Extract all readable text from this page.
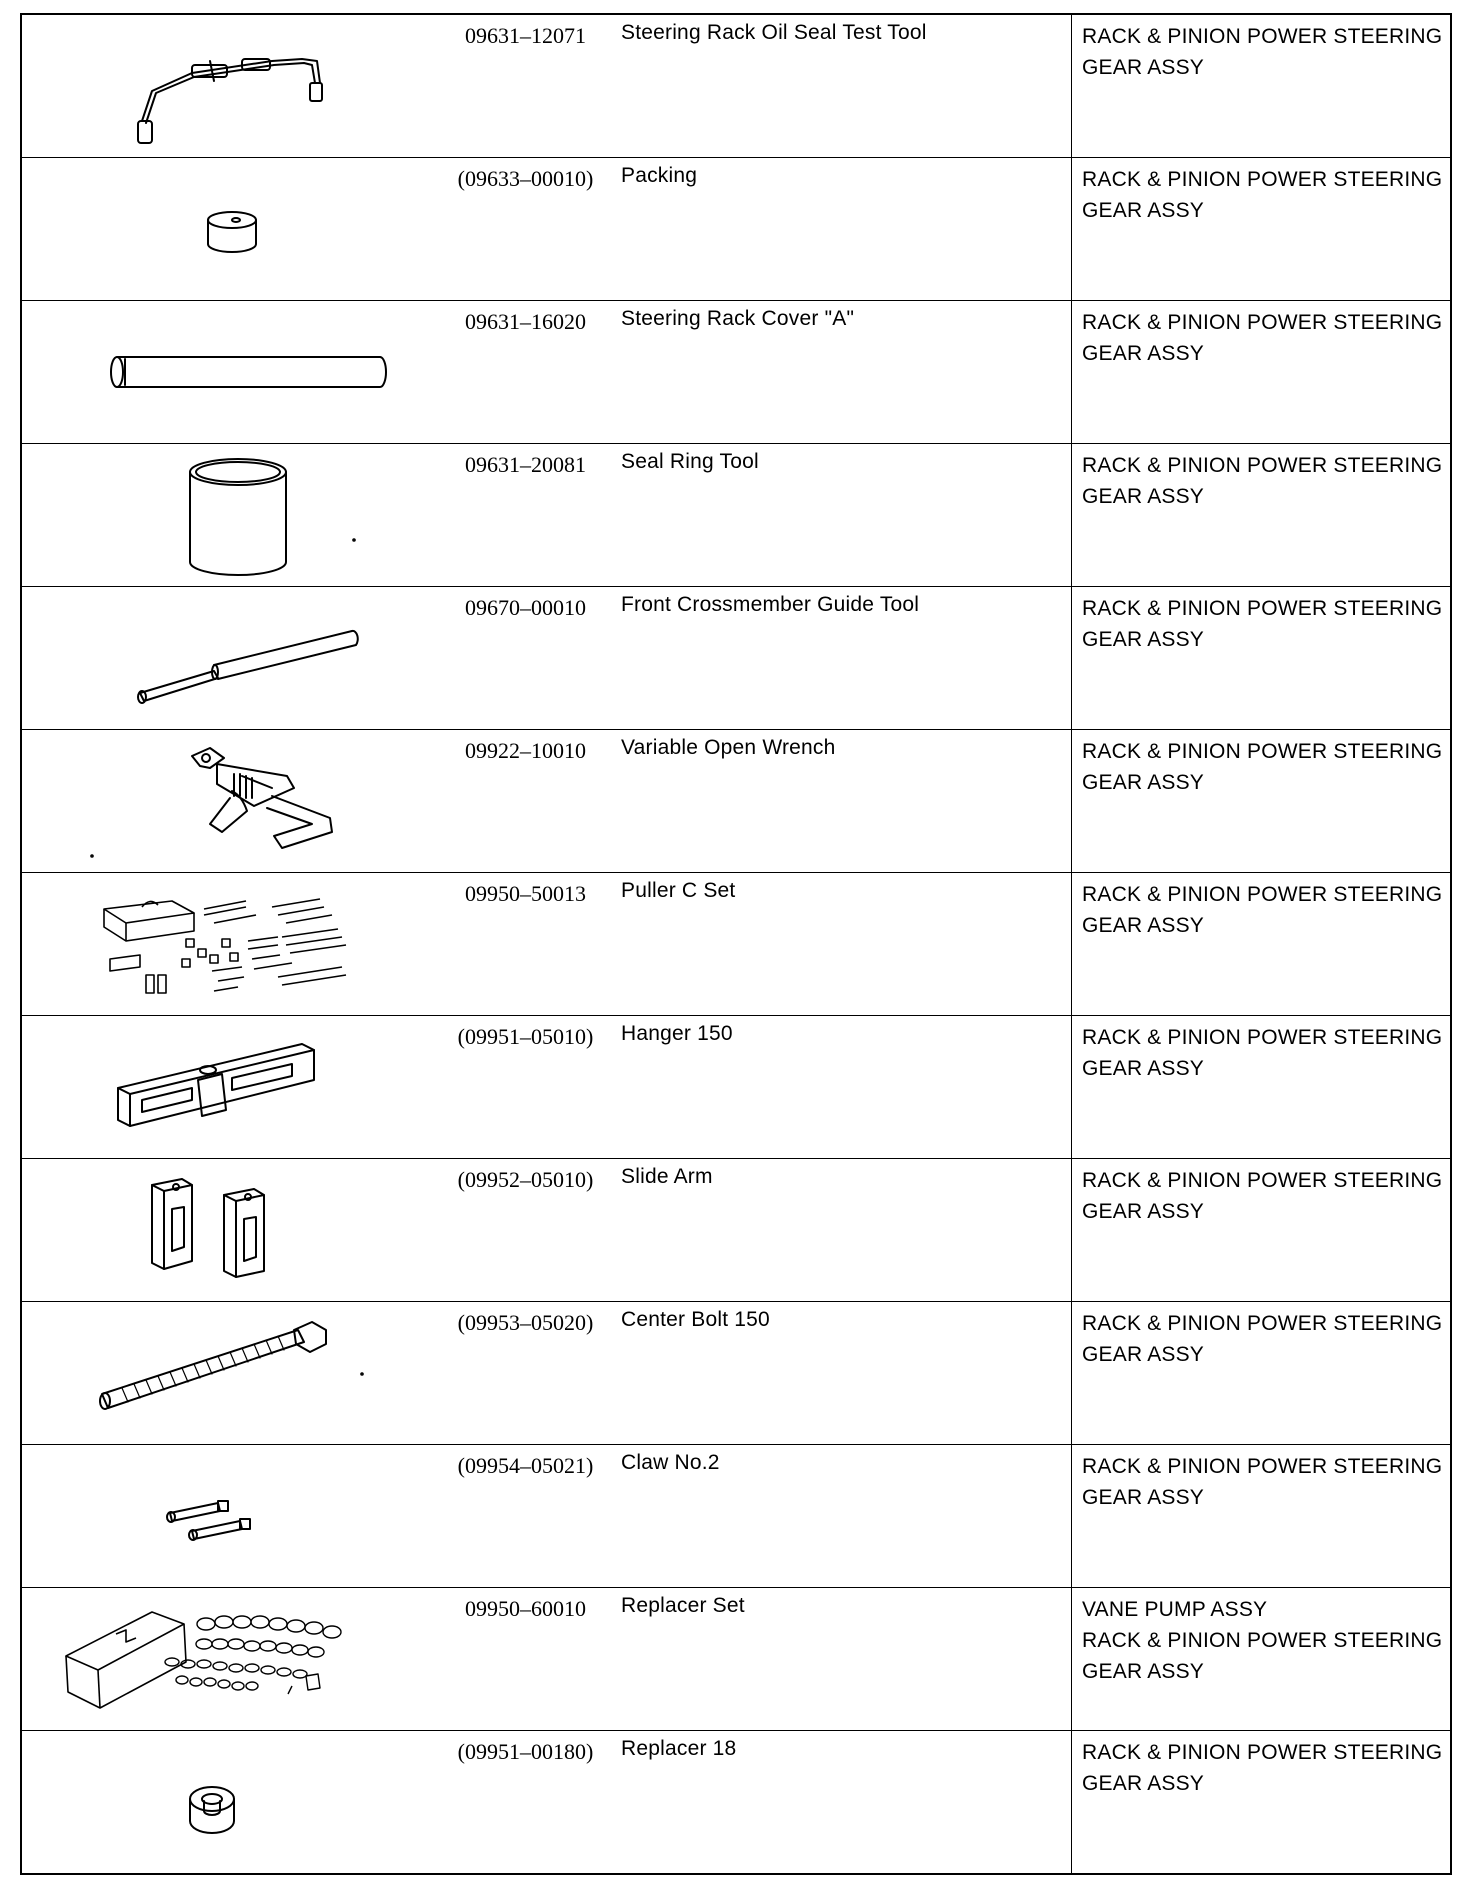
09631–12071	Steering Rack Oil Seal Test Tool	RACK & PINION POWER STEERING
GEAR ASSY
(09633–00010)	Packing	RACK & PINION POWER STEERING
GEAR ASSY
09631–16020	Steering Rack Cover "A"	RACK & PINION POWER STEERING
GEAR ASSY
09631–20081	Seal Ring Tool	RACK & PINION POWER STEERING
GEAR ASSY
09670–00010	Front Crossmember Guide Tool	RACK & PINION POWER STEERING
GEAR ASSY
09922–10010	Variable Open Wrench	RACK & PINION POWER STEERING
GEAR ASSY
09950–50013	Puller C Set	RACK & PINION POWER STEERING
GEAR ASSY
(09951–05010)	Hanger 150	RACK & PINION POWER STEERING
GEAR ASSY
(09952–05010)	Slide Arm	RACK & PINION POWER STEERING
GEAR ASSY
(09953–05020)	Center Bolt 150	RACK & PINION POWER STEERING
GEAR ASSY
(09954–05021)	Claw No.2	RACK & PINION POWER STEERING
GEAR ASSY
09950–60010	Replacer Set	VANE PUMP ASSY
RACK & PINION POWER STEERING
GEAR ASSY
(09951–00180)	Replacer 18	RACK & PINION POWER STEERING
GEAR ASSY
